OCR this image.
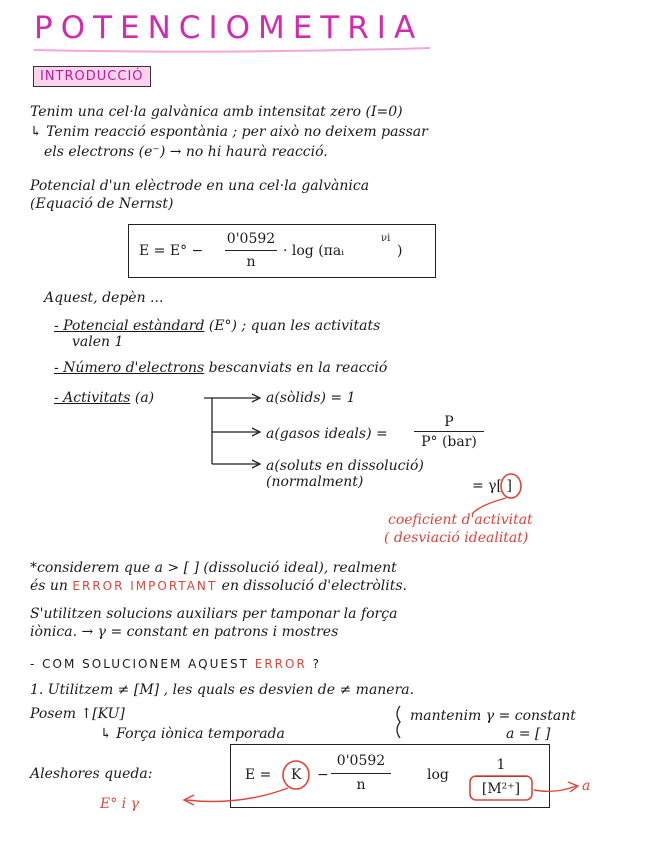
POTENCIOMETRIA
INTRODUCCIÓ
Tenim una cel·la galvànica amb intensitat zero (I=0)
↳ Tenim reacció espontània ; per això no deixem passar
els electrons (e⁻) → no hi haurà reacció.
Potencial d'un elèctrode en una cel·la galvànica
(Equació de Nernst)
E = E° −
0'0592
n
· log (πaᵢ
νi
)
Aquest, depèn ...
- Potencial estàndard (E°) ; quan les activitats
valen 1
- Número d'electrons bescanviats en la reacció
- Activitats (a)	a(sòlids) = 1
a(gasos ideals) =
P
P° (bar)
a(soluts en dissolució)
(normalment)	= γ[ ]
coeficient d'activitat
( desviació idealitat)
*considerem que a > [ ] (dissolució ideal), realment
és un ERROR IMPORTANT en dissolució d'electròlits.
S'utilitzen solucions auxiliars per tamponar la força
iònica. → γ = constant en patrons i mostres
- COM SOLUCIONEM AQUEST ERROR ?
1. Utilitzem ≠ [M] , les quals es desvien de ≠ manera.
Posem ↑[KU]
↳ Força iònica temporada
mantenim γ = constant
a = [ ]
Aleshores queda:	E = K −
0'0592
n
log
1
[M²⁺]
E° i γ
a
